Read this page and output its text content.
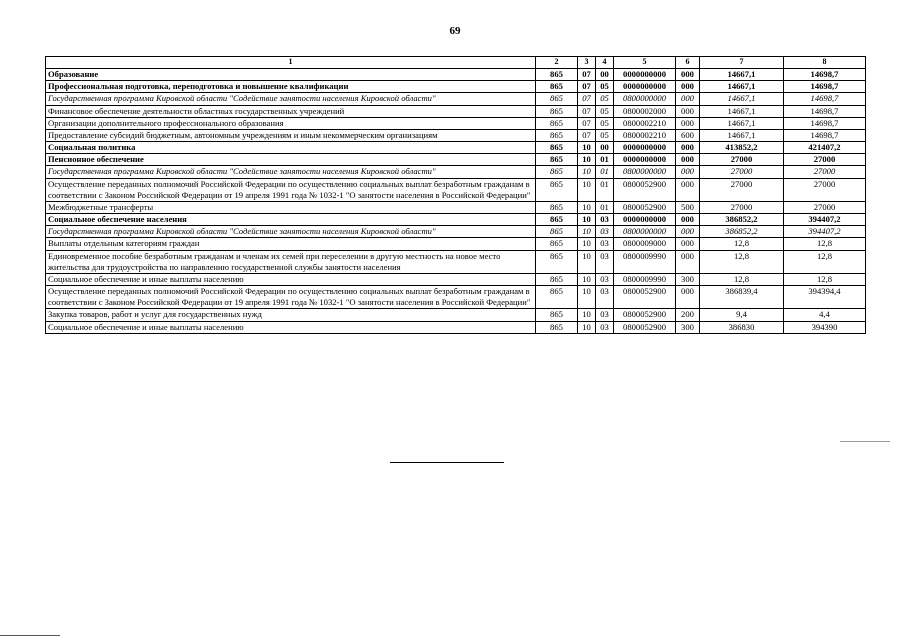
69
1	2	3	4	5	6	7	8
Образование	865	07	00	0000000000	000	14667,1	14698,7
Профессиональная подготовка, переподготовка и повышение квалификации	865	07	05	0000000000	000	14667,1	14698,7
Государственная программа Кировской области "Содействие занятости населения Кировской области"	865	07	05	0800000000	000	14667,1	14698,7
Финансовое обеспечение деятельности областных государственных учреждений	865	07	05	0800002000	000	14667,1	14698,7
Организации дополнительного профессионального образования	865	07	05	0800002210	000	14667,1	14698,7
Предоставление субсидий бюджетным, автономным учреждениям и иным некоммерческим организациям	865	07	05	0800002210	600	14667,1	14698,7
Социальная политика	865	10	00	0000000000	000	413852,2	421407,2
Пенсионное обеспечение	865	10	01	0000000000	000	27000	27000
Государственная программа Кировской области "Содействие занятости населения Кировской области"	865	10	01	0800000000	000	27000	27000
Осуществление переданных полномочий Российской Федерации по осуществлению социальных выплат безработным гражданам в соответствии с Законом Российской Федерации от 19 апреля 1991 года № 1032-1 "О занятости населения в Российской Федерации"	865	10	01	0800052900	000	27000	27000
Межбюджетные трансферты	865	10	01	0800052900	500	27000	27000
Социальное обеспечение населения	865	10	03	0000000000	000	386852,2	394407,2
Государственная программа Кировской области "Содействие занятости населения Кировской области"	865	10	03	0800000000	000	386852,2	394407,2
Выплаты отдельным категориям граждан	865	10	03	0800009000	000	12,8	12,8
Единовременное пособие безработным гражданам и членам их семей при переселении в другую местность на новое место жительства для трудоустройства по направлению государственной службы занятости населения	865	10	03	0800009990	000	12,8	12,8
Социальное обеспечение и иные выплаты населению	865	10	03	0800009990	300	12,8	12,8
Осуществление переданных полномочий Российской Федерации по осуществлению социальных выплат безработным гражданам в соответствии с Законом Российской Федерации от 19 апреля 1991 года № 1032-1 "О занятости населения в Российской Федерации"	865	10	03	0800052900	000	386839,4	394394,4
Закупка товаров, работ и услуг для государственных нужд	865	10	03	0800052900	200	9,4	4,4
Социальное обеспечение и иные выплаты населению	865	10	03	0800052900	300	386830	394390
